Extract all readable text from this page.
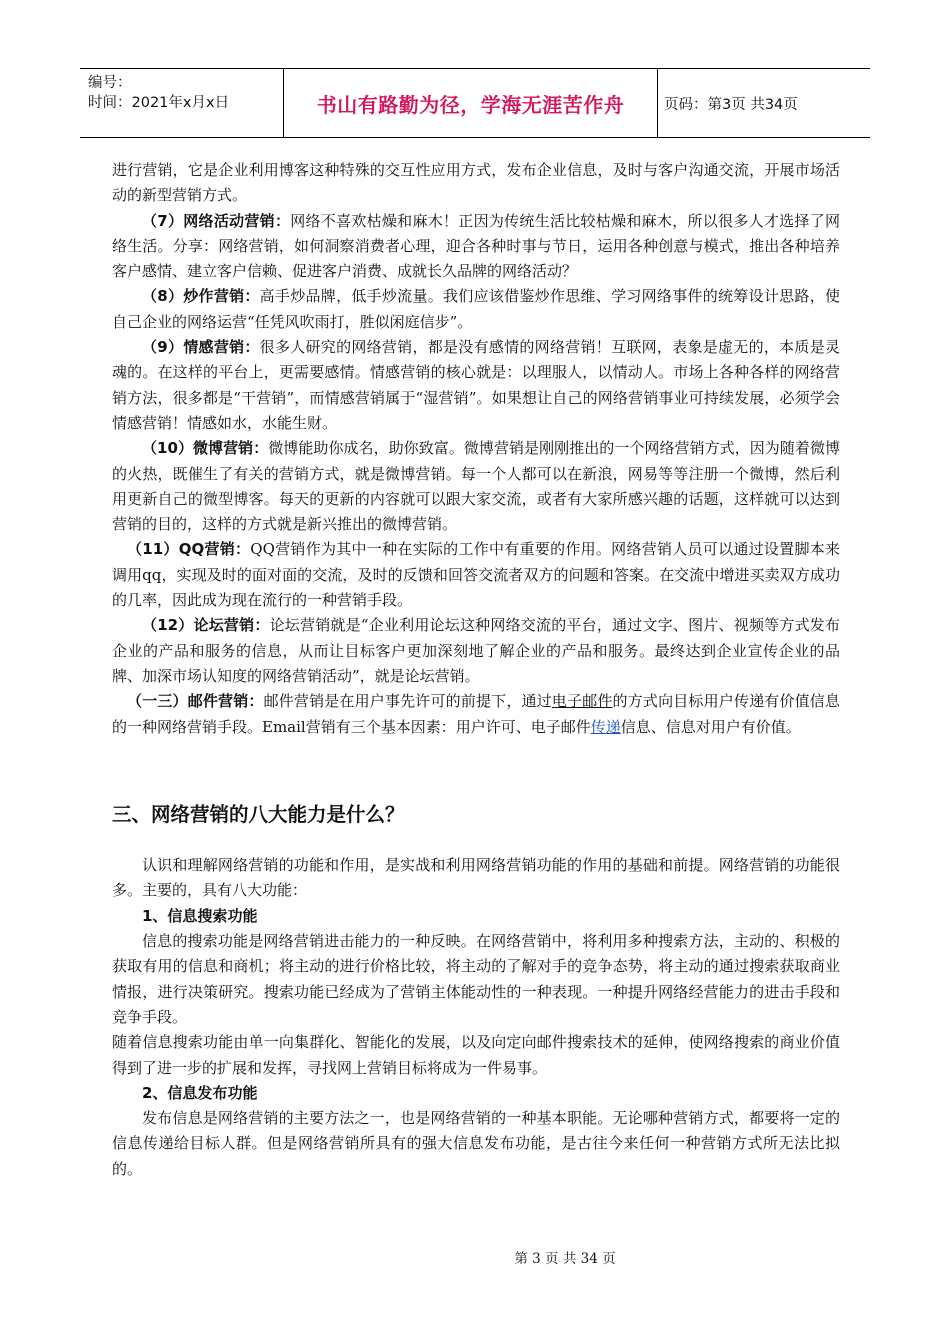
编号：
时间：2021年x月x日	书山有路勤为径，学海无涯苦作舟	页码：第3页 共34页

进行营销，它是企业利用博客这种特殊的交互性应用方式，发布企业信息，及时与客户沟通交流，开展市场活动的新型营销方式。

（7）网络活动营销：网络不喜欢枯燥和麻木！正因为传统生活比较枯燥和麻木，所以很多人才选择了网络生活。分享：网络营销，如何洞察消费者心理，迎合各种时事与节日，运用各种创意与模式，推出各种培养客户感情、建立客户信赖、促进客户消费、成就长久品牌的网络活动？

（8）炒作营销：高手炒品牌，低手炒流量。我们应该借鉴炒作思维、学习网络事件的统筹设计思路，使自己企业的网络运营“任凭风吹雨打，胜似闲庭信步”。

（9）情感营销：很多人研究的网络营销，都是没有感情的网络营销！互联网，表象是虚无的，本质是灵魂的。在这样的平台上，更需要感情。情感营销的核心就是：以理服人，以情动人。市场上各种各样的网络营销方法，很多都是“干营销”，而情感营销属于“湿营销”。如果想让自己的网络营销事业可持续发展，必须学会情感营销！情感如水，水能生财。

（10）微博营销：微博能助你成名，助你致富。微博营销是刚刚推出的一个网络营销方式，因为随着微博的火热，既催生了有关的营销方式，就是微博营销。每一个人都可以在新浪，网易等等注册一个微博，然后利用更新自己的微型博客。每天的更新的内容就可以跟大家交流，或者有大家所感兴趣的话题，这样就可以达到营销的目的，这样的方式就是新兴推出的微博营销。

（11）QQ营销：QQ营销作为其中一种在实际的工作中有重要的作用。网络营销人员可以通过设置脚本来调用qq，实现及时的面对面的交流，及时的反馈和回答交流者双方的问题和答案。在交流中增进买卖双方成功的几率，因此成为现在流行的一种营销手段。

（12）论坛营销：论坛营销就是“企业利用论坛这种网络交流的平台，通过文字、图片、视频等方式发布企业的产品和服务的信息，从而让目标客户更加深刻地了解企业的产品和服务。最终达到企业宣传企业的品牌、加深市场认知度的网络营销活动”，就是论坛营销。

（一三）邮件营销：邮件营销是在用户事先许可的前提下，通过电子邮件的方式向目标用户传递有价值信息的一种网络营销手段。Email营销有三个基本因素：用户许可、电子邮件传递信息、信息对用户有价值。

三、网络营销的八大能力是什么？

认识和理解网络营销的功能和作用，是实战和利用网络营销功能的作用的基础和前提。网络营销的功能很多。主要的，具有八大功能：

1、信息搜索功能

信息的搜索功能是网络营销进击能力的一种反映。在网络营销中，将利用多种搜索方法，主动的、积极的获取有用的信息和商机；将主动的进行价格比较，将主动的了解对手的竞争态势，将主动的通过搜索获取商业情报，进行决策研究。搜索功能已经成为了营销主体能动性的一种表现。一种提升网络经营能力的进击手段和竞争手段。

随着信息搜索功能由单一向集群化、智能化的发展，以及向定向邮件搜索技术的延伸，使网络搜索的商业价值得到了进一步的扩展和发挥，寻找网上营销目标将成为一件易事。

2、信息发布功能

发布信息是网络营销的主要方法之一，也是网络营销的一种基本职能。无论哪种营销方式，都要将一定的信息传递给目标人群。但是网络营销所具有的强大信息发布功能，是古往今来任何一种营销方式所无法比拟的。

第 3 页 共 34 页
